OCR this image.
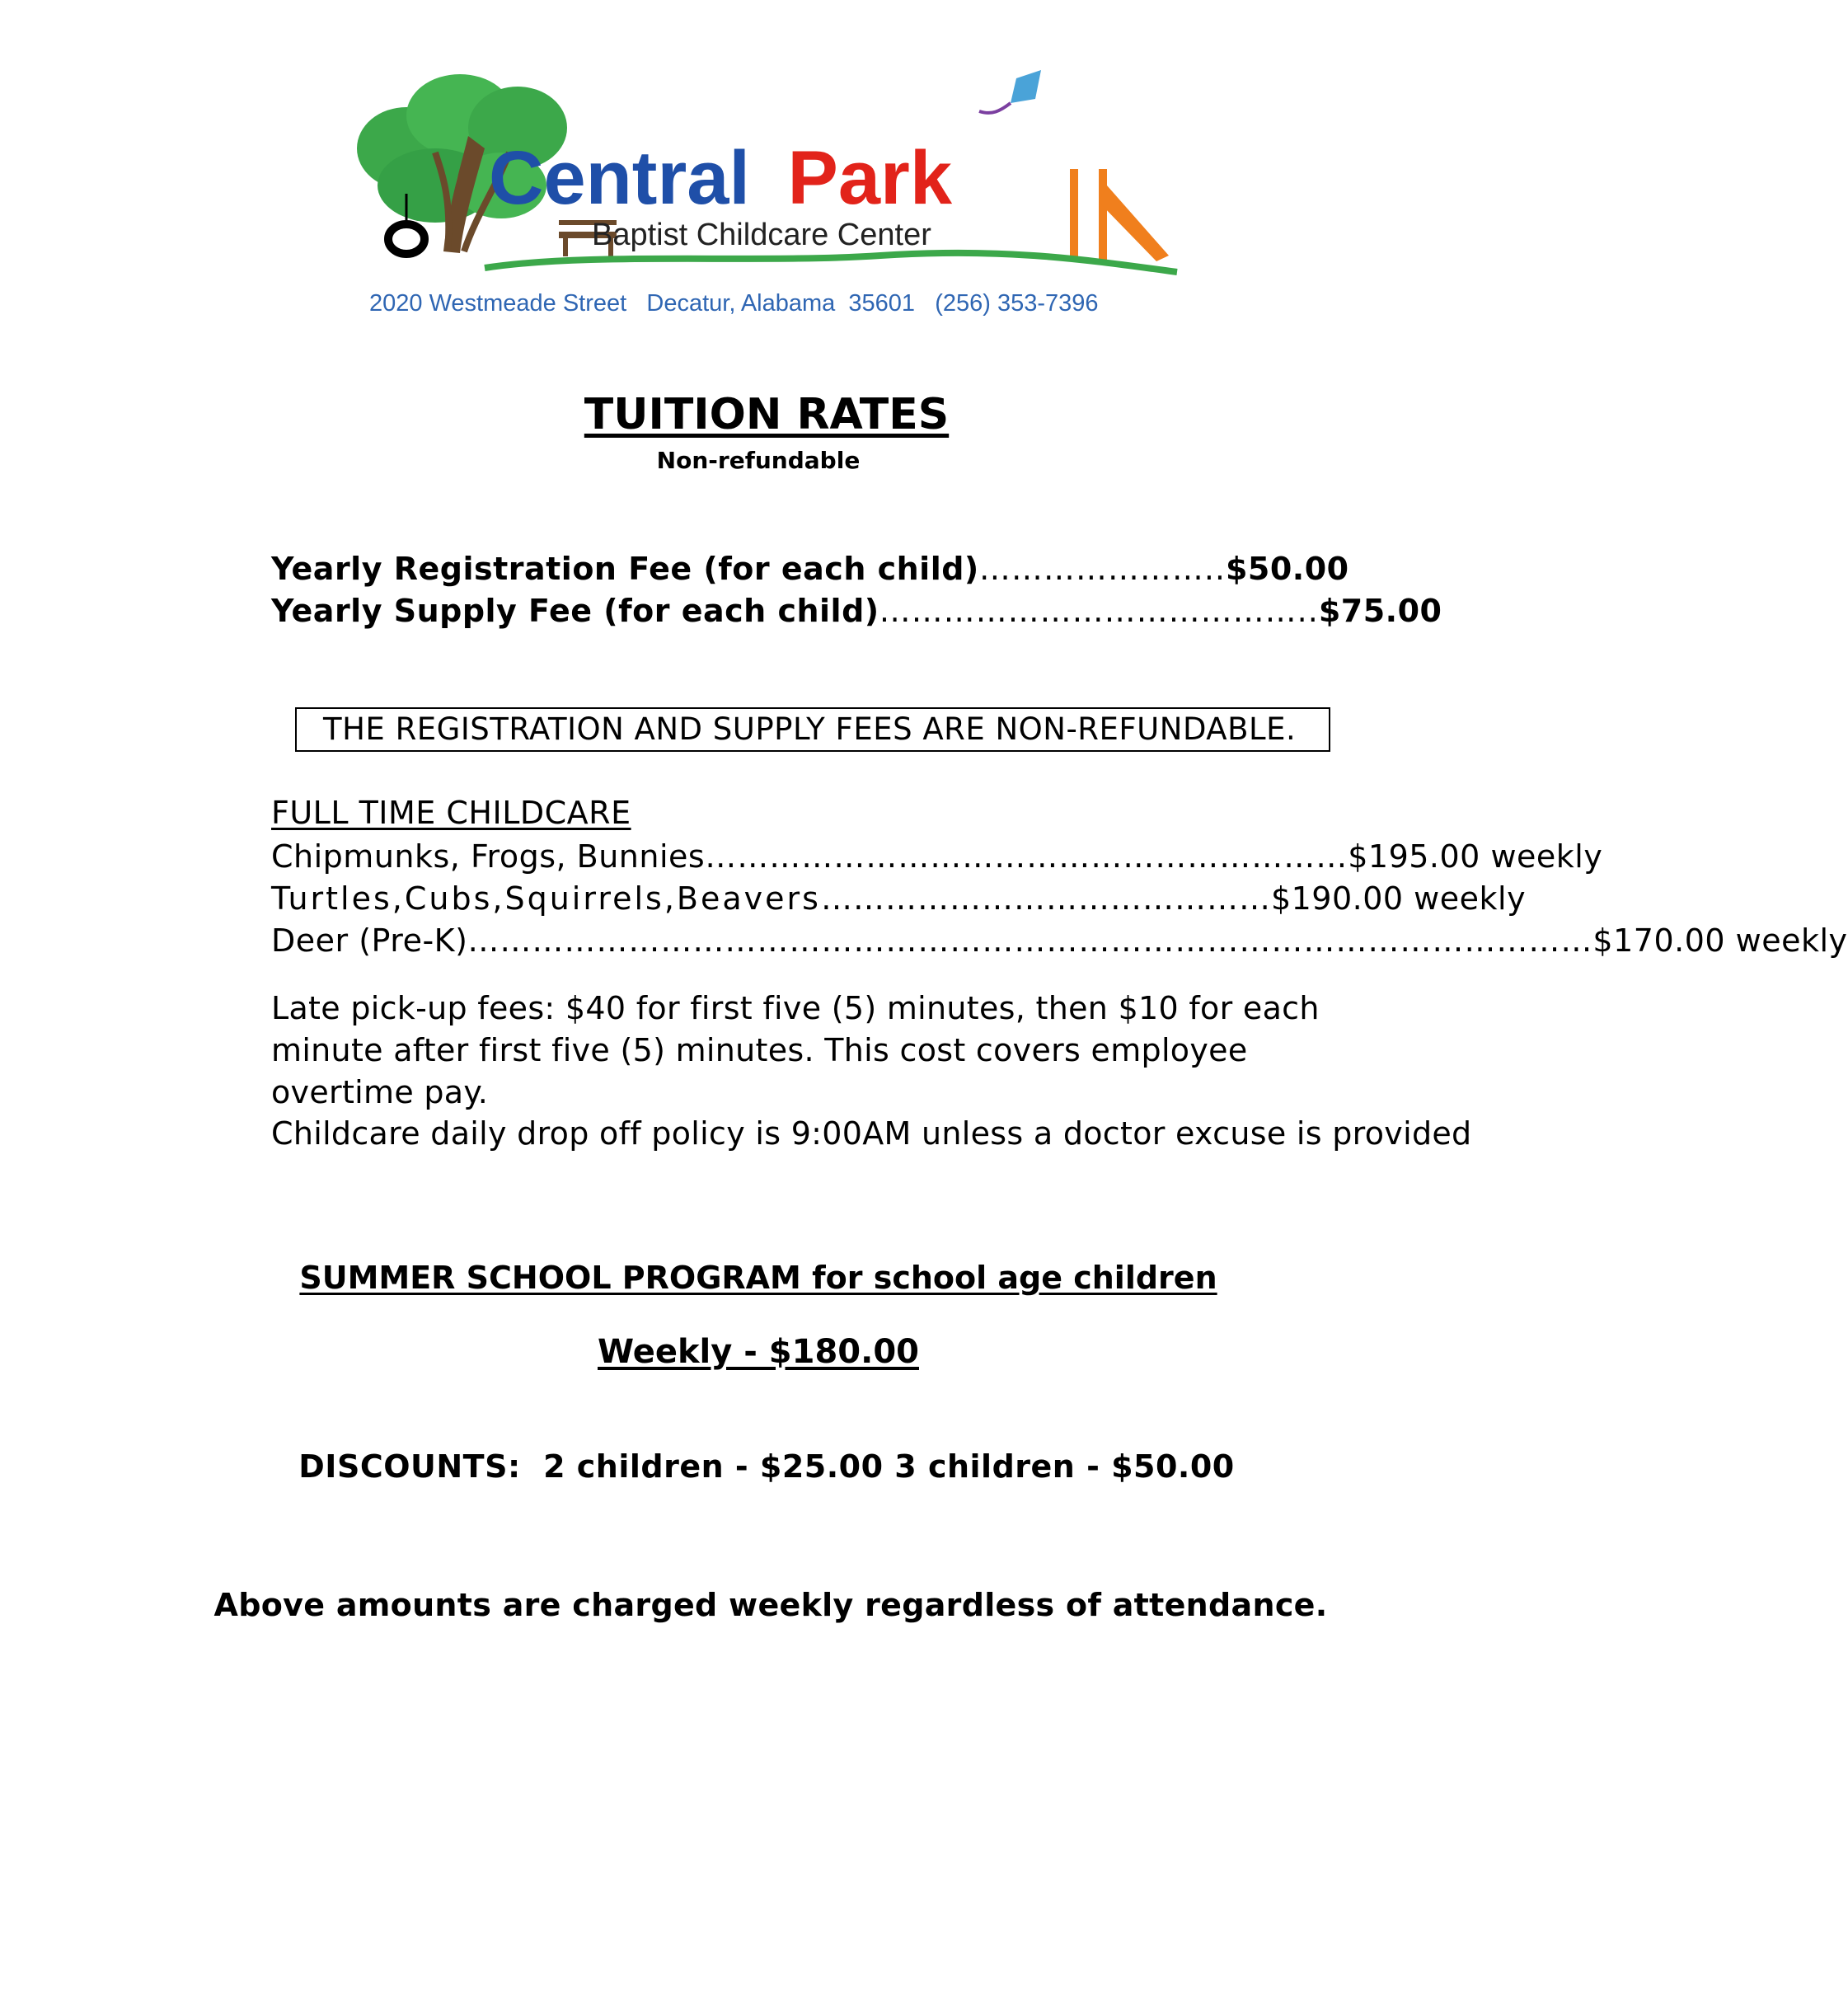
Central Park
Baptist Childcare Center
2020 Westmeade Street   Decatur, Alabama  35601   (256) 353-7396
TUITION RATES
Non-refundable
Yearly Registration Fee (for each child) ………………….. $50.00
Yearly Supply Fee (for each child) ………………………………….. $75.00
THE REGISTRATION AND SUPPLY FEES ARE NON-REFUNDABLE.
FULL TIME CHILDCARE
Chipmunks, Frogs, Bunnies …………………………………………………… $195.00 weekly
Turtles,Cubs,Squirrels,Beavers …………………………………… $190.00 weekly
Deer (Pre-K) …………………………………………………………………………………………… $170.00 weekly
Late pick-up fees: $40 for first five (5) minutes, then $10 for each minute after first five (5) minutes. This cost covers employee overtime pay.
Childcare daily drop off policy is 9:00AM unless a doctor excuse is provided
SUMMER SCHOOL PROGRAM for school age children
Weekly - $180.00
DISCOUNTS:  2 children - $25.00 3 children - $50.00
Above amounts are charged weekly regardless of attendance.
